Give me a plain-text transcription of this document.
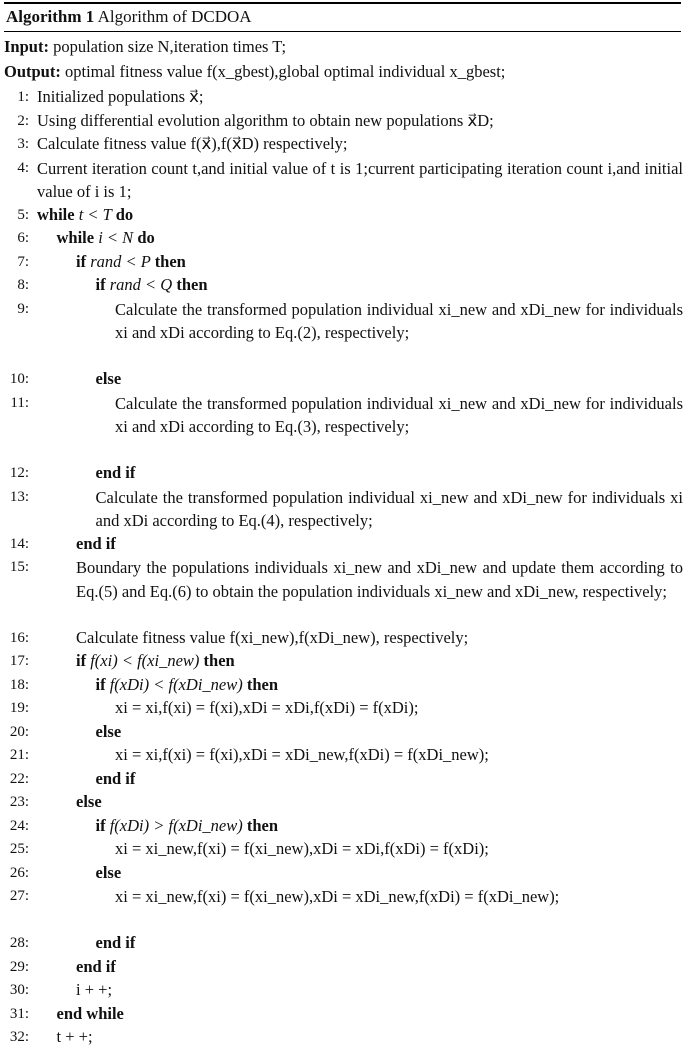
Algorithm 1 Algorithm of DCDOA
Input: population size N,iteration times T;
Output: optimal fitness value f(x_gbest),global optimal individual x_gbest;
1: Initialized populations x⃗;
2: Using differential evolution algorithm to obtain new populations x⃗D;
3: Calculate fitness value f(x⃗),f(x⃗D) respectively;
4: Current iteration count t,and initial value of t is 1;current participating iteration count i,and initial value of i is 1;
5: while t < T do
6: while i < N do
7:	if rand < P then
8:	if rand < Q then
9:	Calculate the transformed population individual xi_new and xDi_new for individuals xi and xDi according to Eq.(2), respectively;
10:	else
11:	Calculate the transformed population individual xi_new and xDi_new for individuals xi and xDi according to Eq.(3), respectively;
12:	end if
13:	Calculate the transformed population individual xi_new and xDi_new for individuals xi and xDi according to Eq.(4), respectively;
14:	end if
15:	Boundary the populations individuals xi_new and xDi_new and update them according to Eq.(5) and Eq.(6) to obtain the population individuals xi_new and xDi_new, respectively;
16:	Calculate fitness value f(xi_new),f(xDi_new), respectively;
17:	if f(xi) < f(xi_new) then
18:	if f(xDi) < f(xDi_new) then
19:	xi = xi,f(xi) = f(xi),xDi = xDi,f(xDi) = f(xDi);
20:	else
21:	xi = xi,f(xi) = f(xi),xDi = xDi_new,f(xDi) = f(xDi_new);
22:	end if
23:	else
24:	if f(xDi) > f(xDi_new) then
25:	xi = xi_new,f(xi) = f(xi_new),xDi = xDi,f(xDi) = f(xDi);
26:	else
27:	xi = xi_new,f(xi) = f(xi_new),xDi = xDi_new,f(xDi) = f(xDi_new);
28:	end if
29:	end if
30:	i + +;
31: end while
32: t + +;
